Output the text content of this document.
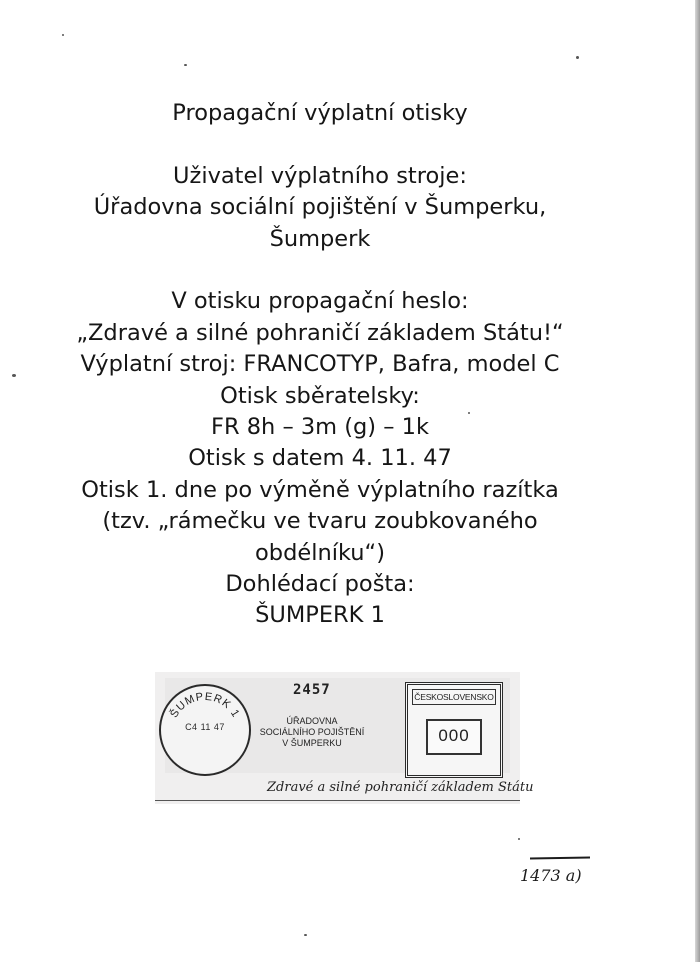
Propagační výplatní otisky
Uživatel výplatního stroje:
Úřadovna sociální pojištění v Šumperku,
Šumperk
V otisku propagační heslo:
„Zdravé a silné pohraničí základem Státu!“
Výplatní stroj: FRANCOTYP, Bafra, model C
Otisk sběratelsky:
FR 8h – 3m (g) – 1k
Otisk s datem 4. 11. 47
Otisk 1. dne po výměně výplatního razítka
(tzv. „rámečku ve tvaru zoubkovaného
obdélníku“)
Dohlédací pošta:
ŠUMPERK 1
ŠUMPERK 1
C4 11 47
2457
ÚŘADOVNA
SOCIÁLNÍHO POJIŠTĚNÍ
V ŠUMPERKU
ČESKOSLOVENSKO
000
Zdravé a silné pohraničí základem Státu
1473 a)
